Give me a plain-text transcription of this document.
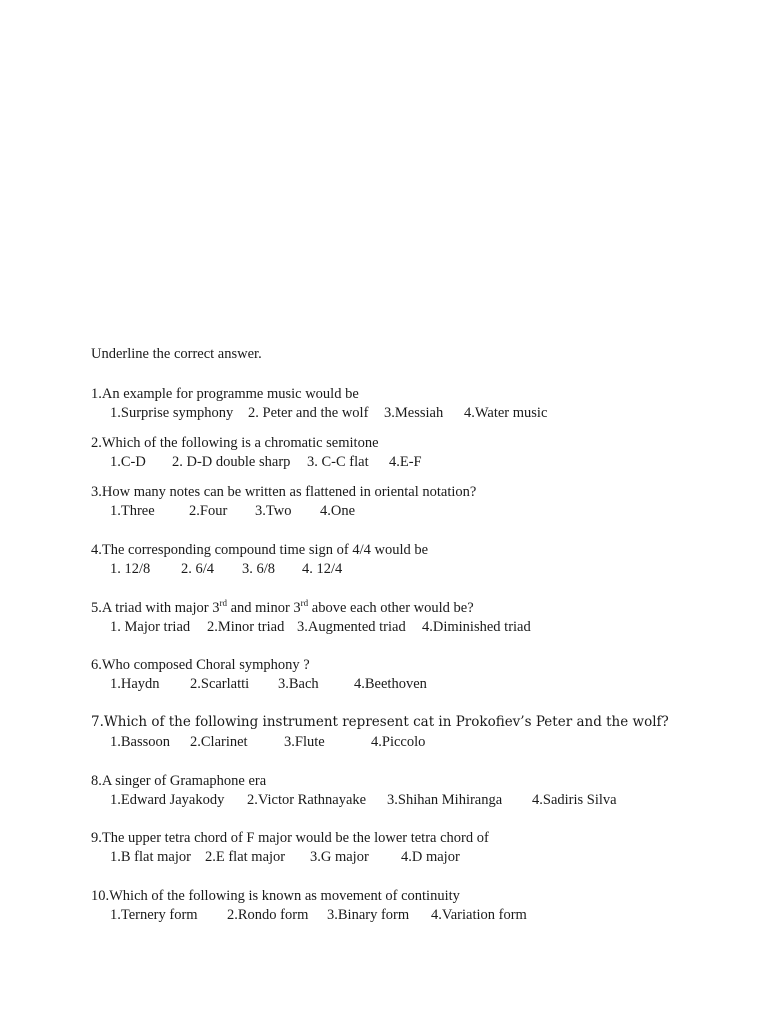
Underline the correct answer.
1.An example for programme music would be
1.Surprise symphony 2. Peter and the wolf 3.Messiah 4.Water music
2.Which of the following is a chromatic semitone
1.C-D 2. D-D double sharp 3. C-C flat 4.E-F
3.How many notes can be written as flattened in oriental notation?
1.Three 2.Four 3.Two 4.One
4.The corresponding compound time sign of 4/4 would be
1. 12/8 2. 6/4 3. 6/8 4. 12/4
5.A triad with major 3rd and minor 3rd above each other would be?
1. Major triad 2.Minor triad 3.Augmented triad 4.Diminished triad
6.Who composed Choral symphony ?
1.Haydn 2.Scarlatti 3.Bach 4.Beethoven
7.Which of the following instrument represent cat in Prokofiev’s Peter and the wolf?
1.Bassoon 2.Clarinet	3.Flute	4.Piccolo
8.A singer of Gramaphone era
1.Edward Jayakody 2.Victor Rathnayake 3.Shihan Mihiranga 4.Sadiris Silva
9.The upper tetra chord of F major would be the lower tetra chord of
1.B flat major 2.E flat major 3.G major 4.D major
10.Which of the following is known as movement of continuity
1.Ternery form 2.Rondo form 3.Binary form 4.Variation form
